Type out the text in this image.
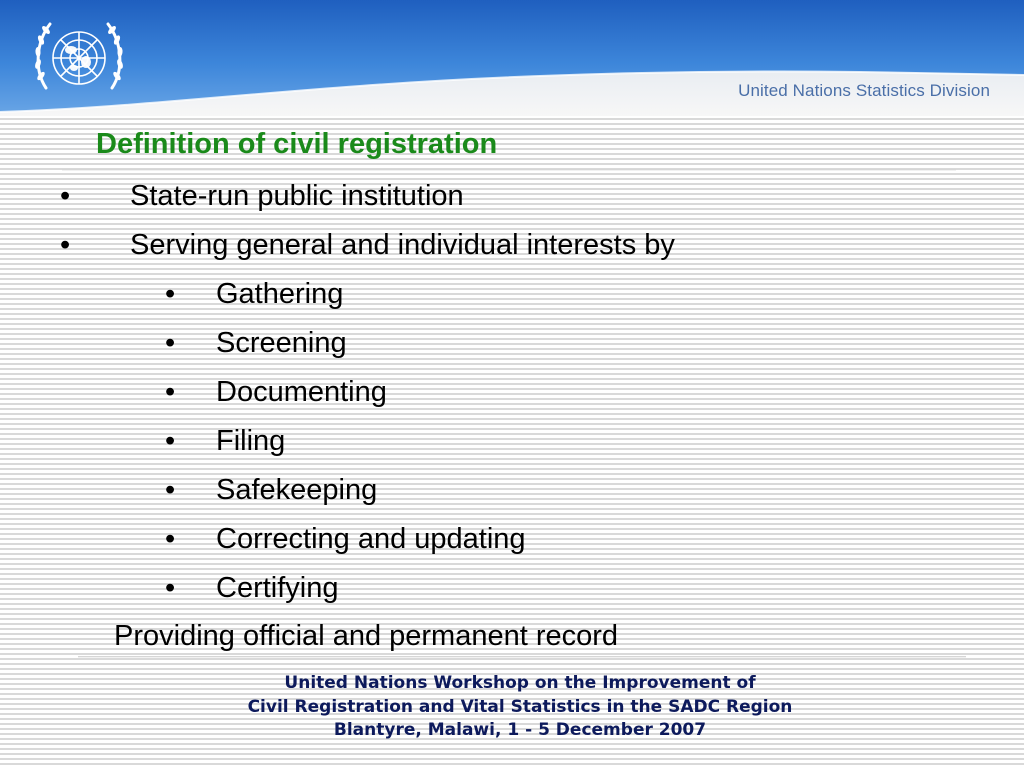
United Nations Statistics Division
Definition of civil registration
• State-run public institution
• Serving general and individual interests by
• Gathering
• Screening
• Documenting
• Filing
• Safekeeping
• Correcting and updating
• Certifying
Providing official and permanent record
United Nations Workshop on the Improvement of
Civil Registration and Vital Statistics in the SADC Region
Blantyre, Malawi, 1 - 5 December 2007
